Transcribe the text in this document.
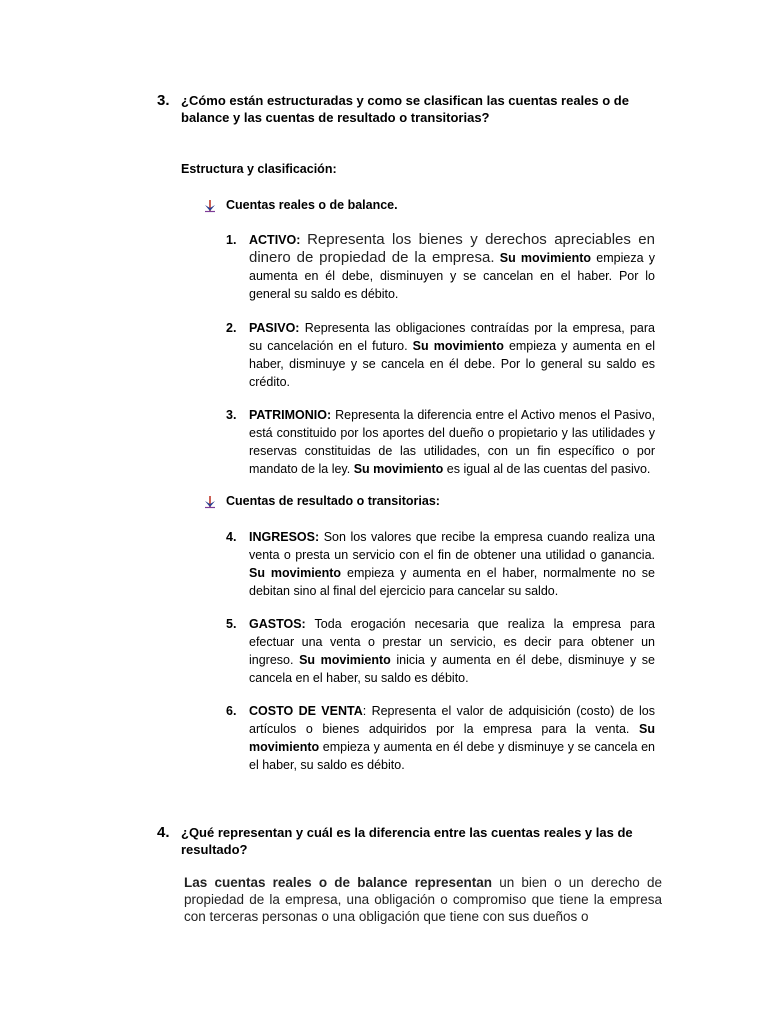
3. ¿Cómo están estructuradas y como se clasifican las cuentas reales o de balance y las cuentas de resultado o transitorias?
Estructura y clasificación:
Cuentas reales o de balance.
1. ACTIVO: Representa los bienes y derechos apreciables en dinero de propiedad de la empresa. Su movimiento empieza y aumenta en él debe, disminuyen y se cancelan en el haber. Por lo general su saldo es débito.
2. PASIVO: Representa las obligaciones contraídas por la empresa, para su cancelación en el futuro. Su movimiento empieza y aumenta en el haber, disminuye y se cancela en él debe. Por lo general su saldo es crédito.
3. PATRIMONIO: Representa la diferencia entre el Activo menos el Pasivo, está constituido por los aportes del dueño o propietario y las utilidades y reservas constituidas de las utilidades, con un fin específico o por mandato de la ley. Su movimiento es igual al de las cuentas del pasivo.
Cuentas de resultado o transitorias:
4. INGRESOS: Son los valores que recibe la empresa cuando realiza una venta o presta un servicio con el fin de obtener una utilidad o ganancia. Su movimiento empieza y aumenta en el haber, normalmente no se debitan sino al final del ejercicio para cancelar su saldo.
5. GASTOS: Toda erogación necesaria que realiza la empresa para efectuar una venta o prestar un servicio, es decir para obtener un ingreso. Su movimiento inicia y aumenta en él debe, disminuye y se cancela en el haber, su saldo es débito.
6. COSTO DE VENTA: Representa el valor de adquisición (costo) de los artículos o bienes adquiridos por la empresa para la venta. Su movimiento empieza y aumenta en él debe y disminuye y se cancela en el haber, su saldo es débito.
4. ¿Qué representan y cuál es la diferencia entre las cuentas reales y las de resultado?
Las cuentas reales o de balance representan un bien o un derecho de propiedad de la empresa, una obligación o compromiso que tiene la empresa con terceras personas o una obligación que tiene con sus dueños o
